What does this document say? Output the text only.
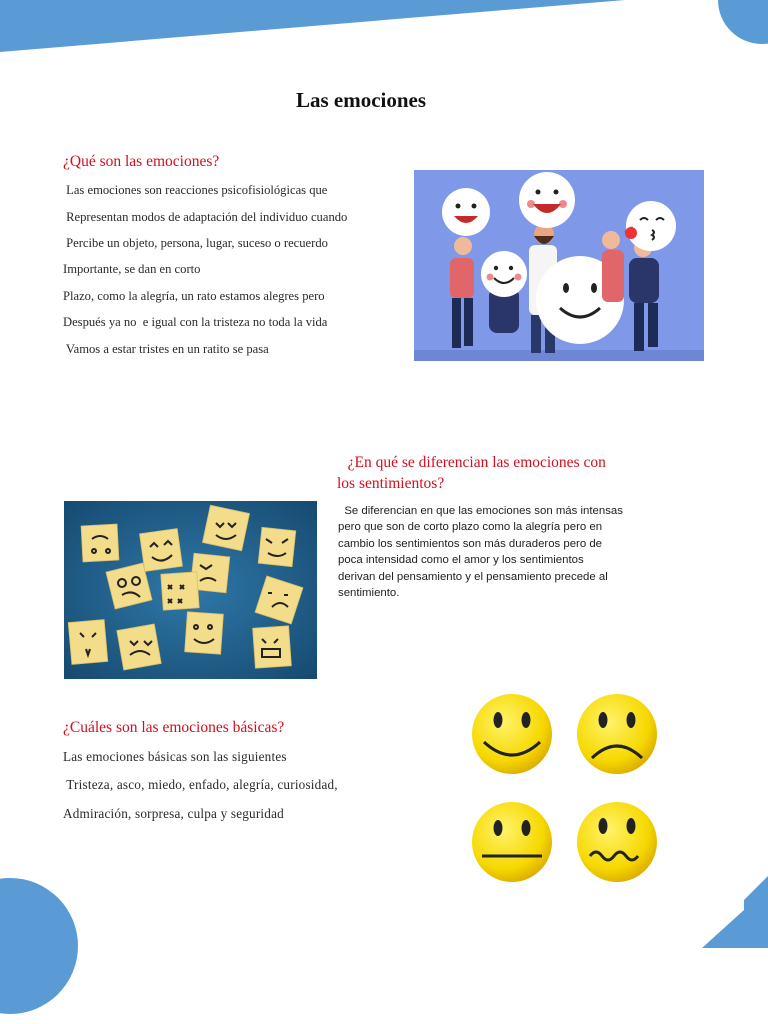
Las emociones
¿Qué son las emociones?
Las emociones son reacciones psicofisiológicas que
Representan modos de adaptación del individuo cuando
Percibe un objeto, persona, lugar, suceso o recuerdo
Importante, se dan en corto
Plazo, como la alegría, un rato estamos alegres pero
Después ya no  e igual con la tristeza no toda la vida
Vamos a estar tristes en un ratito se pasa
¿En qué se diferencian las emociones con
los sentimientos?
Se diferencian en que las emociones son más intensas
pero que son de corto plazo como la alegría pero en
cambio los sentimientos son más duraderos pero de
poca intensidad como el amor y los sentimientos
derivan del pensamiento y el pensamiento precede al
sentimiento.
¿Cuáles son las emociones básicas?
Las emociones básicas son las siguientes
Tristeza, asco, miedo, enfado, alegría, curiosidad,
Admiración, sorpresa, culpa y seguridad
